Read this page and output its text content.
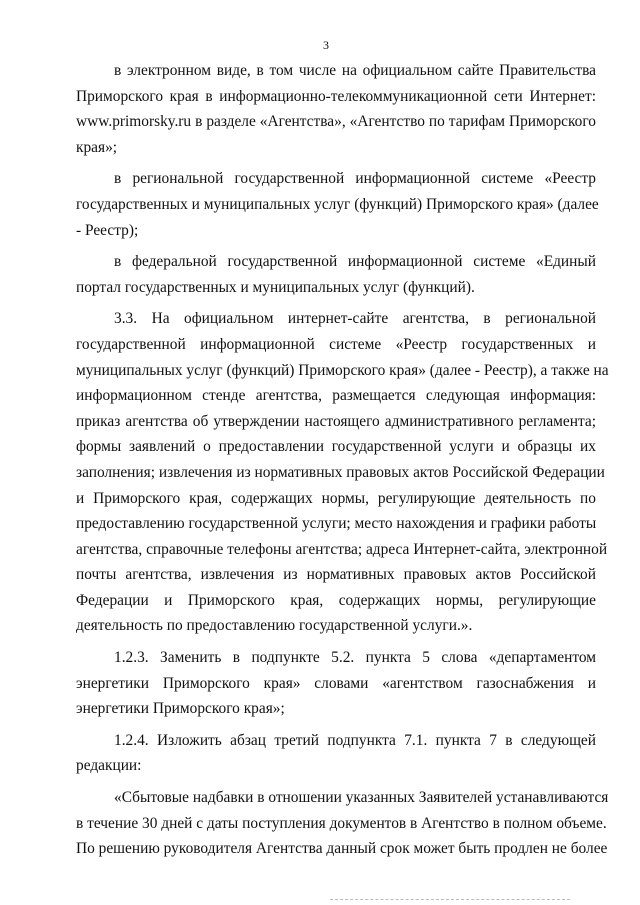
3
в электронном виде, в том числе на официальном сайте Правительства
Приморского края в информационно-телекоммуникационной сети Интернет:
www.primorsky.ru в разделе «Агентства», «Агентство по тарифам Приморского
края»;
в региональной государственной информационной системе «Реестр
государственных и муниципальных услуг (функций) Приморского края» (далее
- Реестр);
в федеральной государственной информационной системе «Единый
портал государственных и муниципальных услуг (функций).
3.3. На официальном интернет-сайте агентства, в региональной
государственной информационной системе «Реестр государственных и
муниципальных услуг (функций) Приморского края» (далее - Реестр), а также на
информационном стенде агентства, размещается следующая информация:
приказ агентства об утверждении настоящего административного регламента;
формы заявлений о предоставлении государственной услуги и образцы их
заполнения; извлечения из нормативных правовых актов Российской Федерации
и Приморского края, содержащих нормы, регулирующие деятельность по
предоставлению государственной услуги; место нахождения и графики работы
агентства, справочные телефоны агентства; адреса Интернет-сайта, электронной
почты агентства, извлечения из нормативных правовых актов Российской
Федерации и Приморского края, содержащих нормы, регулирующие
деятельность по предоставлению государственной услуги.».
1.2.3. Заменить в подпункте 5.2. пункта 5 слова «департаментом
энергетики Приморского края» словами «агентством газоснабжения и
энергетики Приморского края»;
1.2.4. Изложить абзац третий подпункта 7.1. пункта 7 в следующей
редакции:
«Сбытовые надбавки в отношении указанных Заявителей устанавливаются
в течение 30 дней с даты поступления документов в Агентство в полном объеме.
По решению руководителя Агентства данный срок может быть продлен не более
